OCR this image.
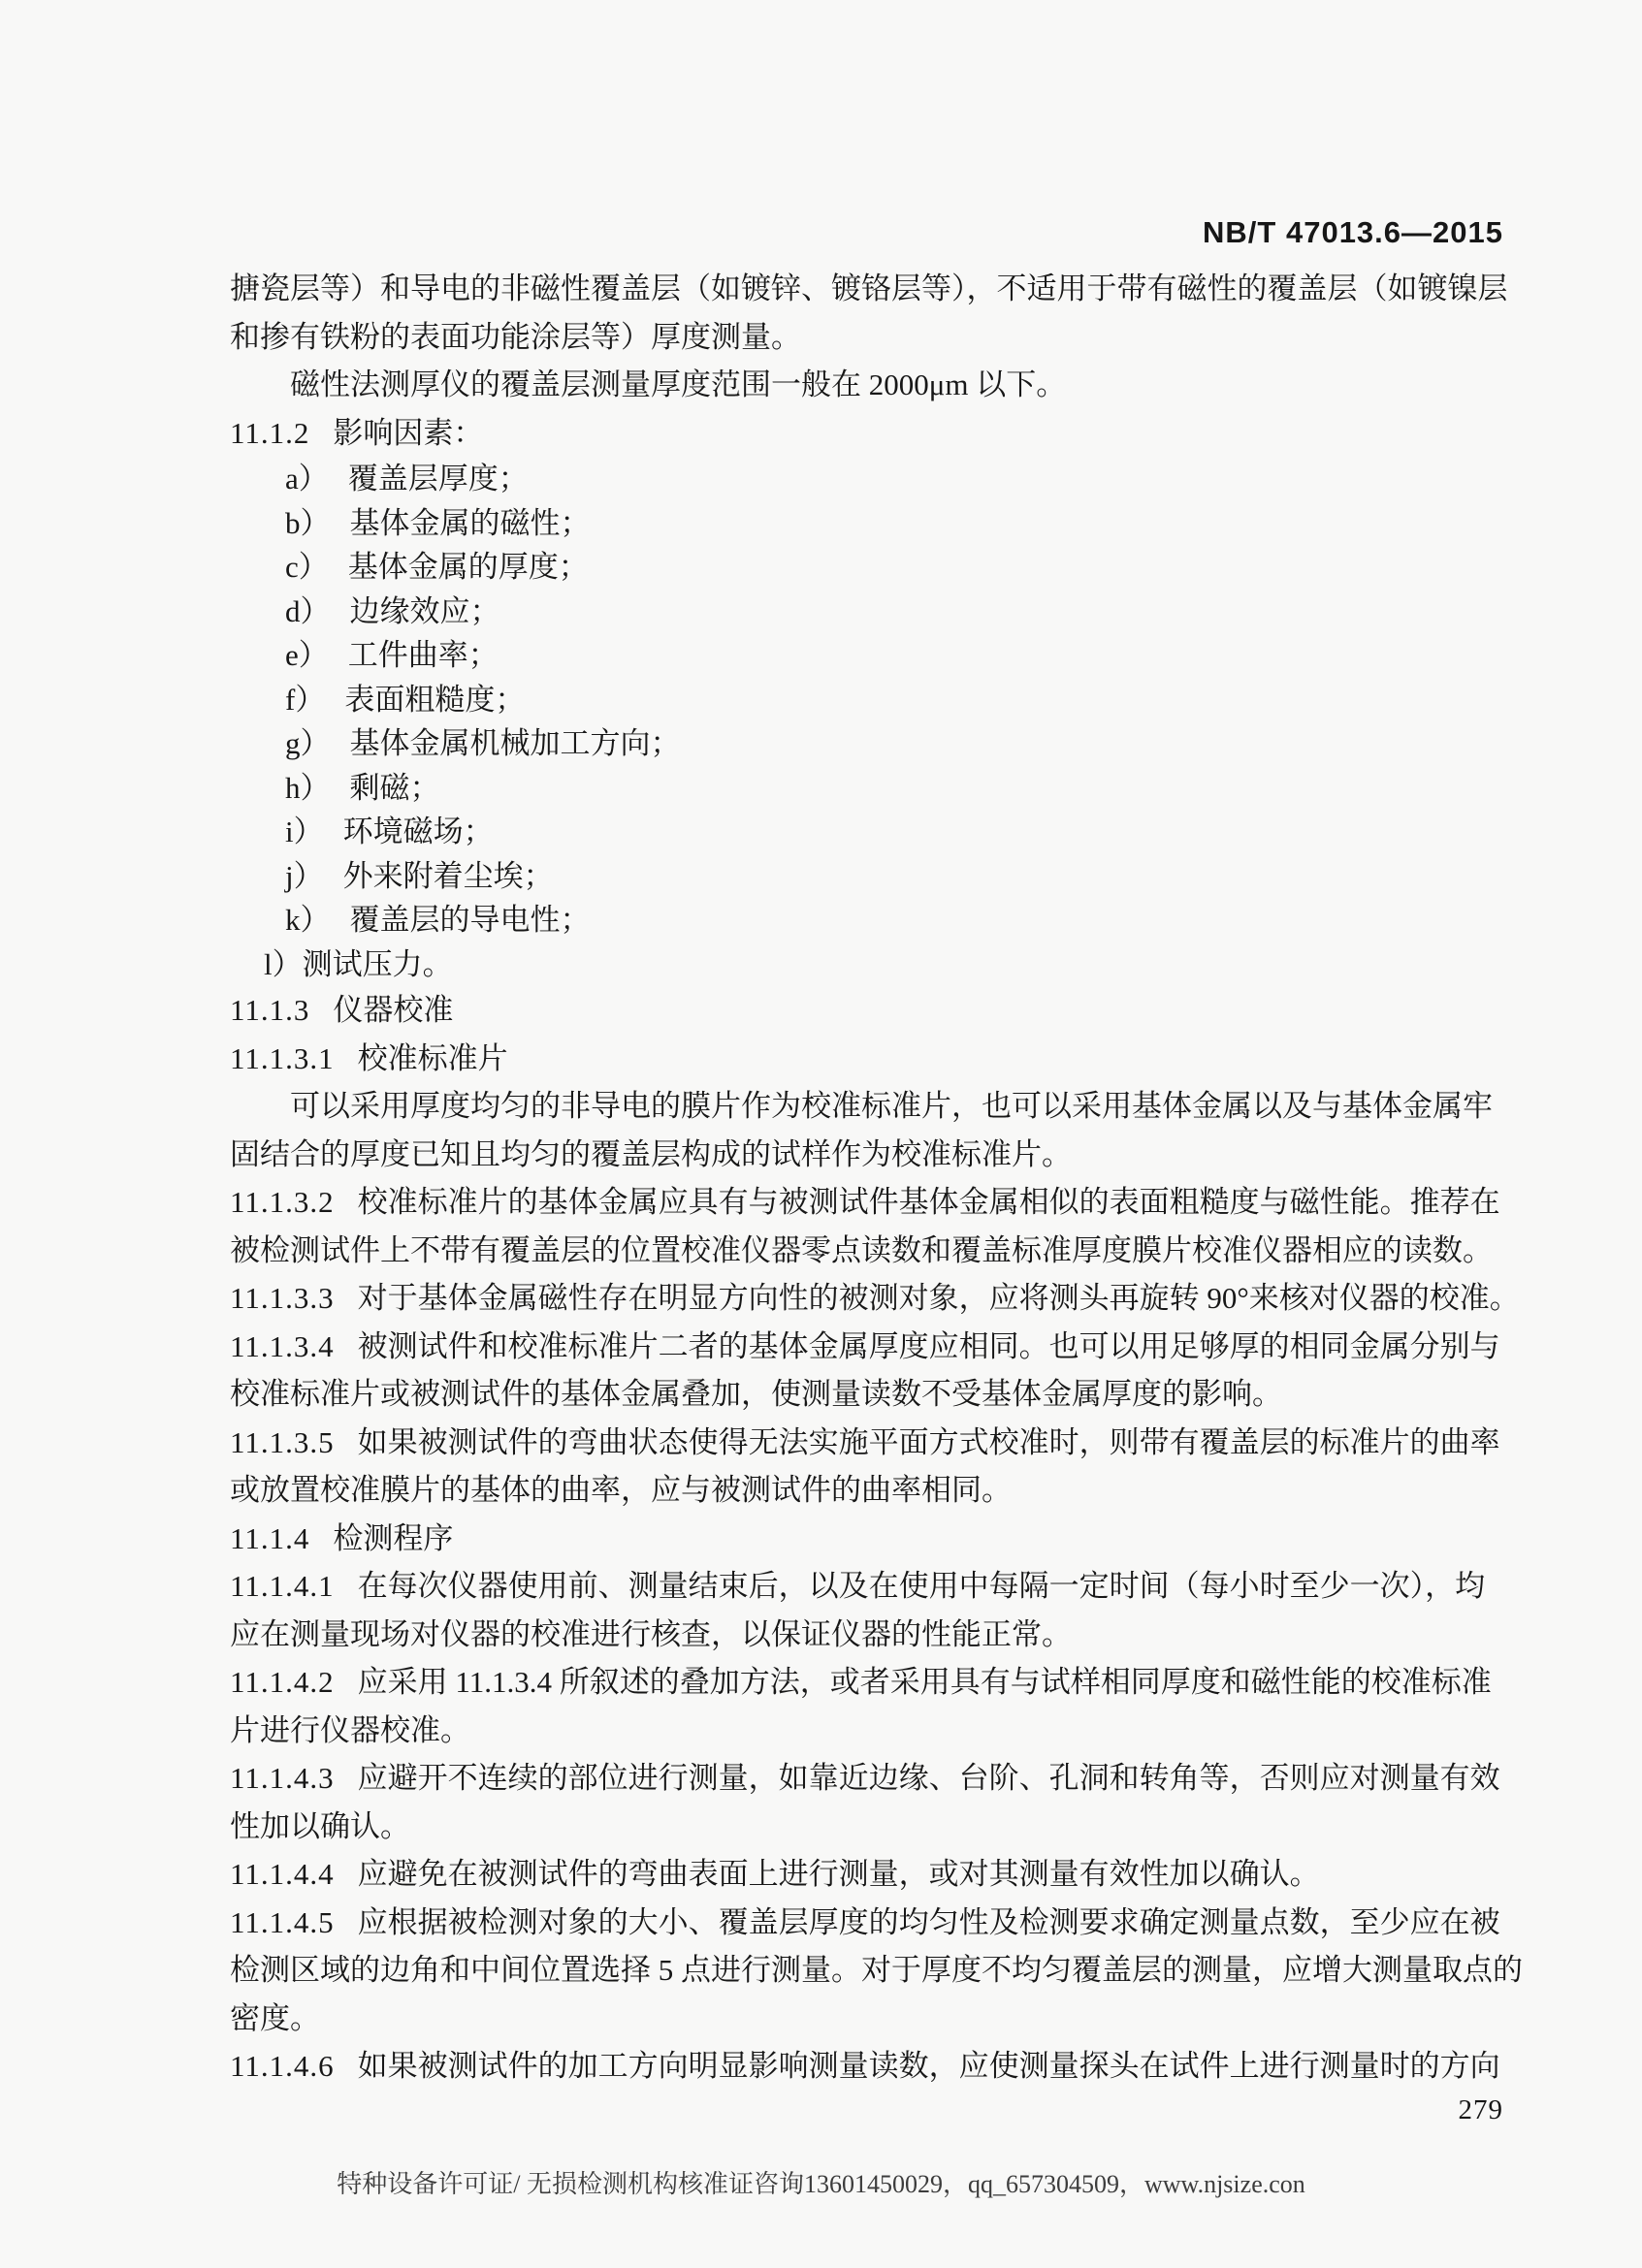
NB/T 47013.6—2015
搪瓷层等）和导电的非磁性覆盖层（如镀锌、镀铬层等），不适用于带有磁性的覆盖层（如镀镍层
和掺有铁粉的表面功能涂层等）厚度测量。
磁性法测厚仪的覆盖层测量厚度范围一般在 2000μm 以下。
11.1.2 影响因素：
a） 覆盖层厚度；
b） 基体金属的磁性；
c） 基体金属的厚度；
d） 边缘效应；
e） 工件曲率；
f） 表面粗糙度；
g） 基体金属机械加工方向；
h） 剩磁；
i） 环境磁场；
j） 外来附着尘埃；
k） 覆盖层的导电性；
l）测试压力。
11.1.3 仪器校准
11.1.3.1 校准标准片
可以采用厚度均匀的非导电的膜片作为校准标准片，也可以采用基体金属以及与基体金属牢
固结合的厚度已知且均匀的覆盖层构成的试样作为校准标准片。
11.1.3.2 校准标准片的基体金属应具有与被测试件基体金属相似的表面粗糙度与磁性能。推荐在
被检测试件上不带有覆盖层的位置校准仪器零点读数和覆盖标准厚度膜片校准仪器相应的读数。
11.1.3.3 对于基体金属磁性存在明显方向性的被测对象，应将测头再旋转 90°来核对仪器的校准。
11.1.3.4 被测试件和校准标准片二者的基体金属厚度应相同。也可以用足够厚的相同金属分别与
校准标准片或被测试件的基体金属叠加，使测量读数不受基体金属厚度的影响。
11.1.3.5 如果被测试件的弯曲状态使得无法实施平面方式校准时，则带有覆盖层的标准片的曲率
或放置校准膜片的基体的曲率，应与被测试件的曲率相同。
11.1.4 检测程序
11.1.4.1 在每次仪器使用前、测量结束后，以及在使用中每隔一定时间（每小时至少一次），均
应在测量现场对仪器的校准进行核查，以保证仪器的性能正常。
11.1.4.2 应采用 11.1.3.4 所叙述的叠加方法，或者采用具有与试样相同厚度和磁性能的校准标准
片进行仪器校准。
11.1.4.3 应避开不连续的部位进行测量，如靠近边缘、台阶、孔洞和转角等，否则应对测量有效
性加以确认。
11.1.4.4 应避免在被测试件的弯曲表面上进行测量，或对其测量有效性加以确认。
11.1.4.5 应根据被检测对象的大小、覆盖层厚度的均匀性及检测要求确定测量点数，至少应在被
检测区域的边角和中间位置选择 5 点进行测量。对于厚度不均匀覆盖层的测量，应增大测量取点的
密度。
11.1.4.6 如果被测试件的加工方向明显影响测量读数，应使测量探头在试件上进行测量时的方向
279
特种设备许可证/ 无损检测机构核准证咨询13601450029，qq_657304509，www.njsize.con
